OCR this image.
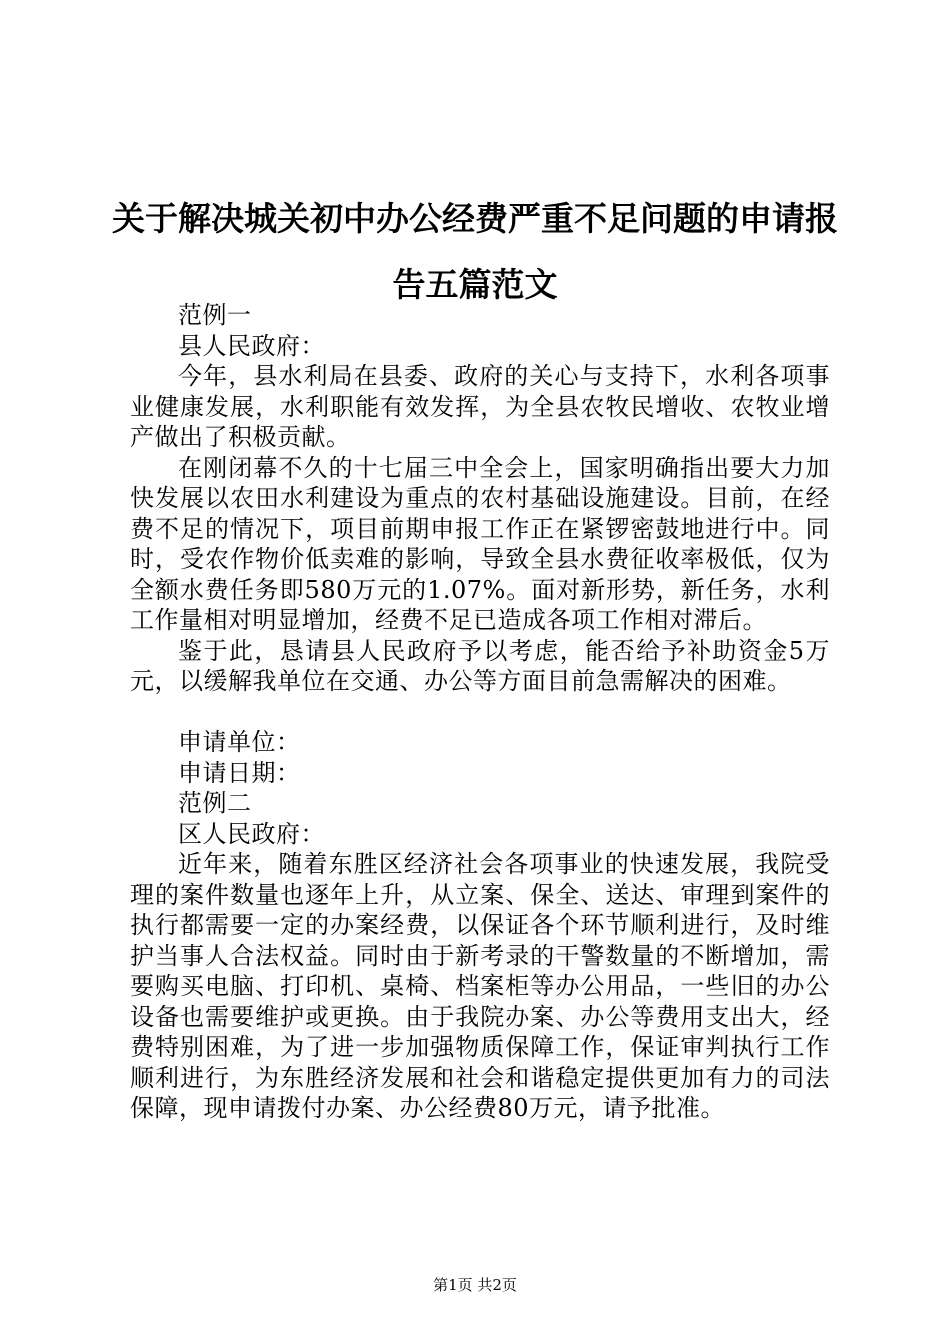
关于解决城关初中办公经费严重不足问题的申请报告五篇范文

范例一

县人民政府：

今年，县水利局在县委、政府的关心与支持下，水利各项事业健康发展，水利职能有效发挥，为全县农牧民增收、农牧业增产做出了积极贡献。

在刚闭幕不久的十七届三中全会上，国家明确指出要大力加快发展以农田水利建设为重点的农村基础设施建设。目前，在经费不足的情况下，项目前期申报工作正在紧锣密鼓地进行中。同时，受农作物价低卖难的影响，导致全县水费征收率极低，仅为全额水费任务即580万元的1.07%。面对新形势，新任务，水利工作量相对明显增加，经费不足已造成各项工作相对滞后。

鉴于此，恳请县人民政府予以考虑，能否给予补助资金5万元，以缓解我单位在交通、办公等方面目前急需解决的困难。

申请单位：

申请日期：

范例二

区人民政府：

近年来，随着东胜区经济社会各项事业的快速发展，我院受理的案件数量也逐年上升，从立案、保全、送达、审理到案件的执行都需要一定的办案经费，以保证各个环节顺利进行，及时维护当事人合法权益。同时由于新考录的干警数量的不断增加，需要购买电脑、打印机、桌椅、档案柜等办公用品，一些旧的办公设备也需要维护或更换。由于我院办案、办公等费用支出大，经费特别困难，为了进一步加强物质保障工作，保证审判执行工作顺利进行，为东胜经济发展和社会和谐稳定提供更加有力的司法保障，现申请拨付办案、办公经费80万元，请予批准。

第1页 共2页
